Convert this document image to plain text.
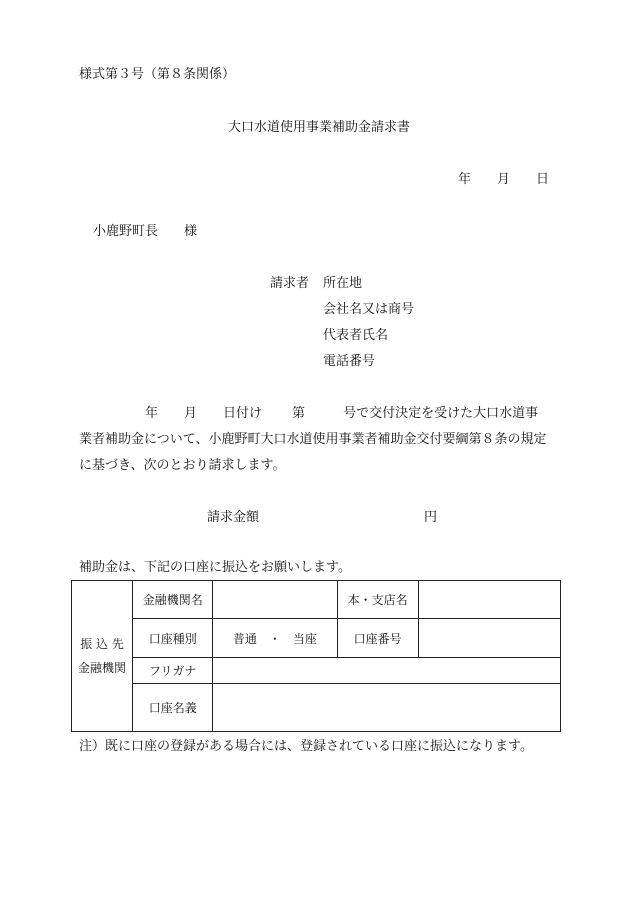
様式第３号（第８条関係）
大口水道使用事業補助金請求書
年 月 日
小鹿野町長　　様
請求者 所在地
会社名又は商号
代表者氏名
電話番号
年 月 日付け 第	号で交付決定を受けた大口水道事
業者補助金について、小鹿野町大口水道使用事業者補助金交付要綱第８条の規定
に基づき、次のとおり請求します。
請求金額	円
補助金は、下記の口座に振込をお願いします。
振 込 先
金融機関	金融機関名		本・支店名	
	口座種別	普通　・　当座	口座番号	
	フリガナ			
	口座名義			
注）既に口座の登録がある場合には、登録されている口座に振込になります。
